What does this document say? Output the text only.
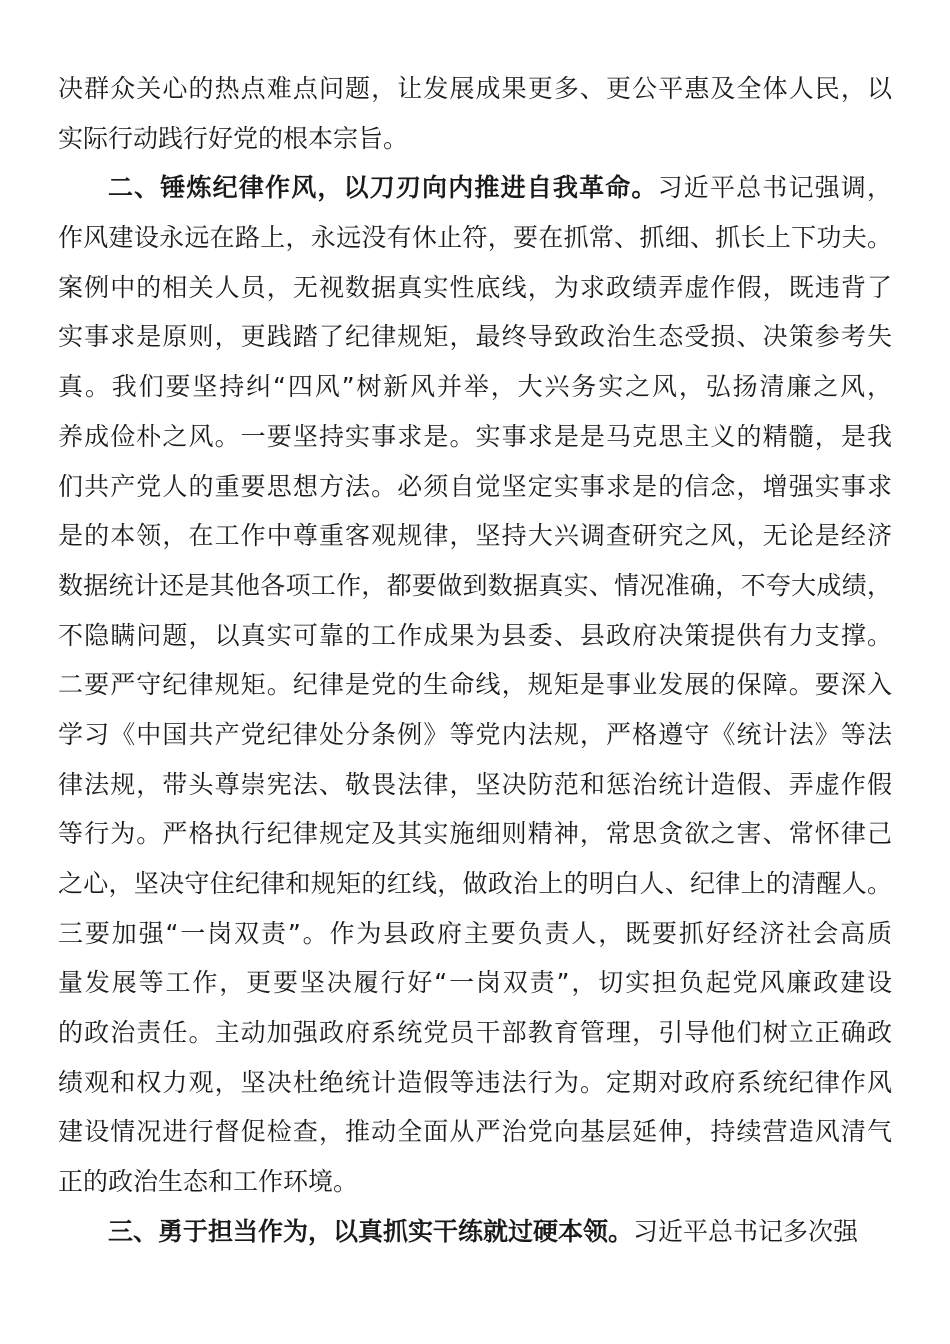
决群众关心的热点难点问题，让发展成果更多、更公平惠及全体人民，以
实际行动践行好党的根本宗旨。
二、锤炼纪律作风，以刀刃向内推进自我革命。习近平总书记强调，
作风建设永远在路上，永远没有休止符，要在抓常、抓细、抓长上下功夫。
案例中的相关人员，无视数据真实性底线，为求政绩弄虚作假，既违背了
实事求是原则，更践踏了纪律规矩，最终导致政治生态受损、决策参考失
真。我们要坚持纠“四风”树新风并举，大兴务实之风，弘扬清廉之风，
养成俭朴之风。一要坚持实事求是。实事求是是马克思主义的精髓，是我
们共产党人的重要思想方法。必须自觉坚定实事求是的信念，增强实事求
是的本领，在工作中尊重客观规律，坚持大兴调查研究之风，无论是经济
数据统计还是其他各项工作，都要做到数据真实、情况准确，不夸大成绩，
不隐瞒问题，以真实可靠的工作成果为县委、县政府决策提供有力支撑。
二要严守纪律规矩。纪律是党的生命线，规矩是事业发展的保障。要深入
学习《中国共产党纪律处分条例》等党内法规，严格遵守《统计法》等法
律法规，带头尊崇宪法、敬畏法律，坚决防范和惩治统计造假、弄虚作假
等行为。严格执行纪律规定及其实施细则精神，常思贪欲之害、常怀律己
之心，坚决守住纪律和规矩的红线，做政治上的明白人、纪律上的清醒人。
三要加强“一岗双责”。作为县政府主要负责人，既要抓好经济社会高质
量发展等工作，更要坚决履行好“一岗双责”，切实担负起党风廉政建设
的政治责任。主动加强政府系统党员干部教育管理，引导他们树立正确政
绩观和权力观，坚决杜绝统计造假等违法行为。定期对政府系统纪律作风
建设情况进行督促检查，推动全面从严治党向基层延伸，持续营造风清气
正的政治生态和工作环境。
三、勇于担当作为，以真抓实干练就过硬本领。习近平总书记多次强
